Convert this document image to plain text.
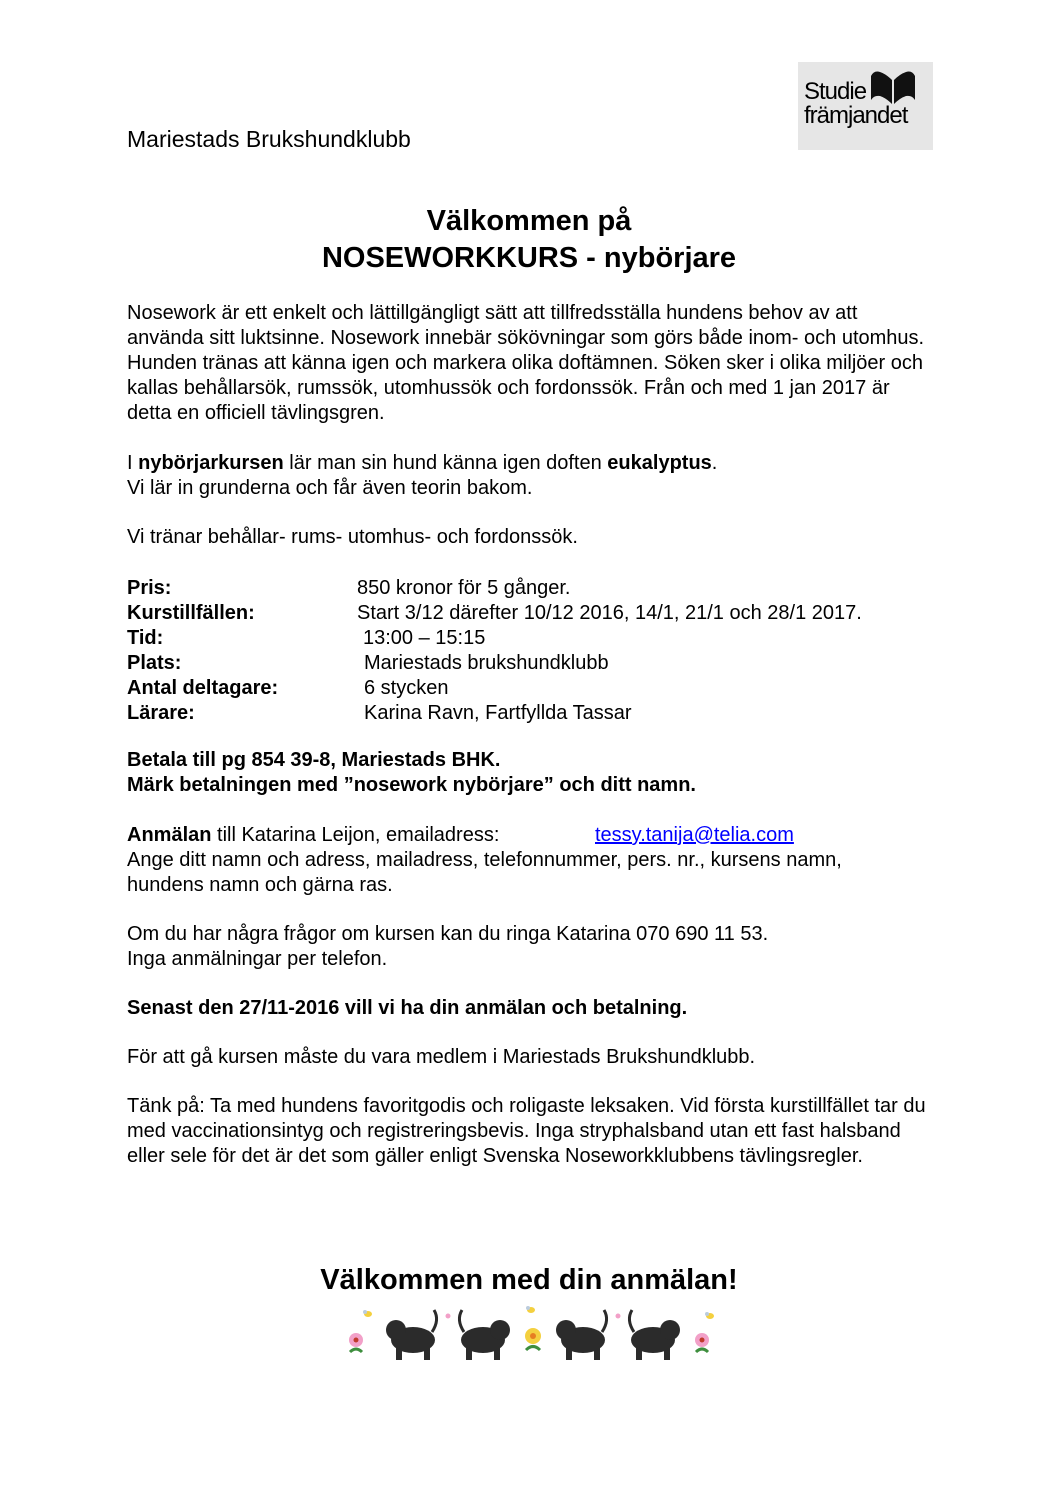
Mariestads Brukshundklubb
Studie
främjandet
Välkommen på
NOSEWORKKURS - nybörjare

Nosework är ett enkelt och lättillgängligt sätt att tillfredsställa hundens behov av att använda sitt luktsinne. Nosework innebär sökövningar som görs både inom- och utomhus. Hunden tränas att känna igen och markera olika doftämnen. Söken sker i olika miljöer och kallas behållarsök, rumssök, utomhussök och fordonssök. Från och med 1 jan 2017 är detta en officiell tävlingsgren.

I nybörjarkursen lär man sin hund känna igen doften eukalyptus.
Vi lär in grunderna och får även teorin bakom.

Vi tränar behållar- rums- utomhus- och fordonssök.

Pris:	850 kronor för 5 gånger.
Kurstillfällen:	Start 3/12 därefter 10/12 2016, 14/1, 21/1 och 28/1 2017.
Tid:	13:00 – 15:15
Plats:	Mariestads brukshundklubb
Antal deltagare:	6 stycken
Lärare:	Karina Ravn, Fartfyllda Tassar

Betala till pg 854 39-8, Mariestads BHK.
Märk betalningen med ”nosework nybörjare” och ditt namn.

Anmälan till Katarina Leijon, emailadress:
Ange ditt namn och adress, mailadress, telefonnummer, pers. nr., kursens namn,
hundens namn och gärna ras.

tessy.tanija@telia.com

Om du har några frågor om kursen kan du ringa Katarina 070 690 11 53.
Inga anmälningar per telefon.

Senast den 27/11-2016 vill vi ha din anmälan och betalning.

För att gå kursen måste du vara medlem i Mariestads Brukshundklubb.

Tänk på: Ta med hundens favoritgodis och roligaste leksaken. Vid första kurstillfället tar du med vaccinationsintyg och registreringsbevis. Inga stryphalsband utan ett fast halsband eller sele för det är det som gäller enligt Svenska Noseworkklubbens tävlingsregler.

Välkommen med din anmälan!
